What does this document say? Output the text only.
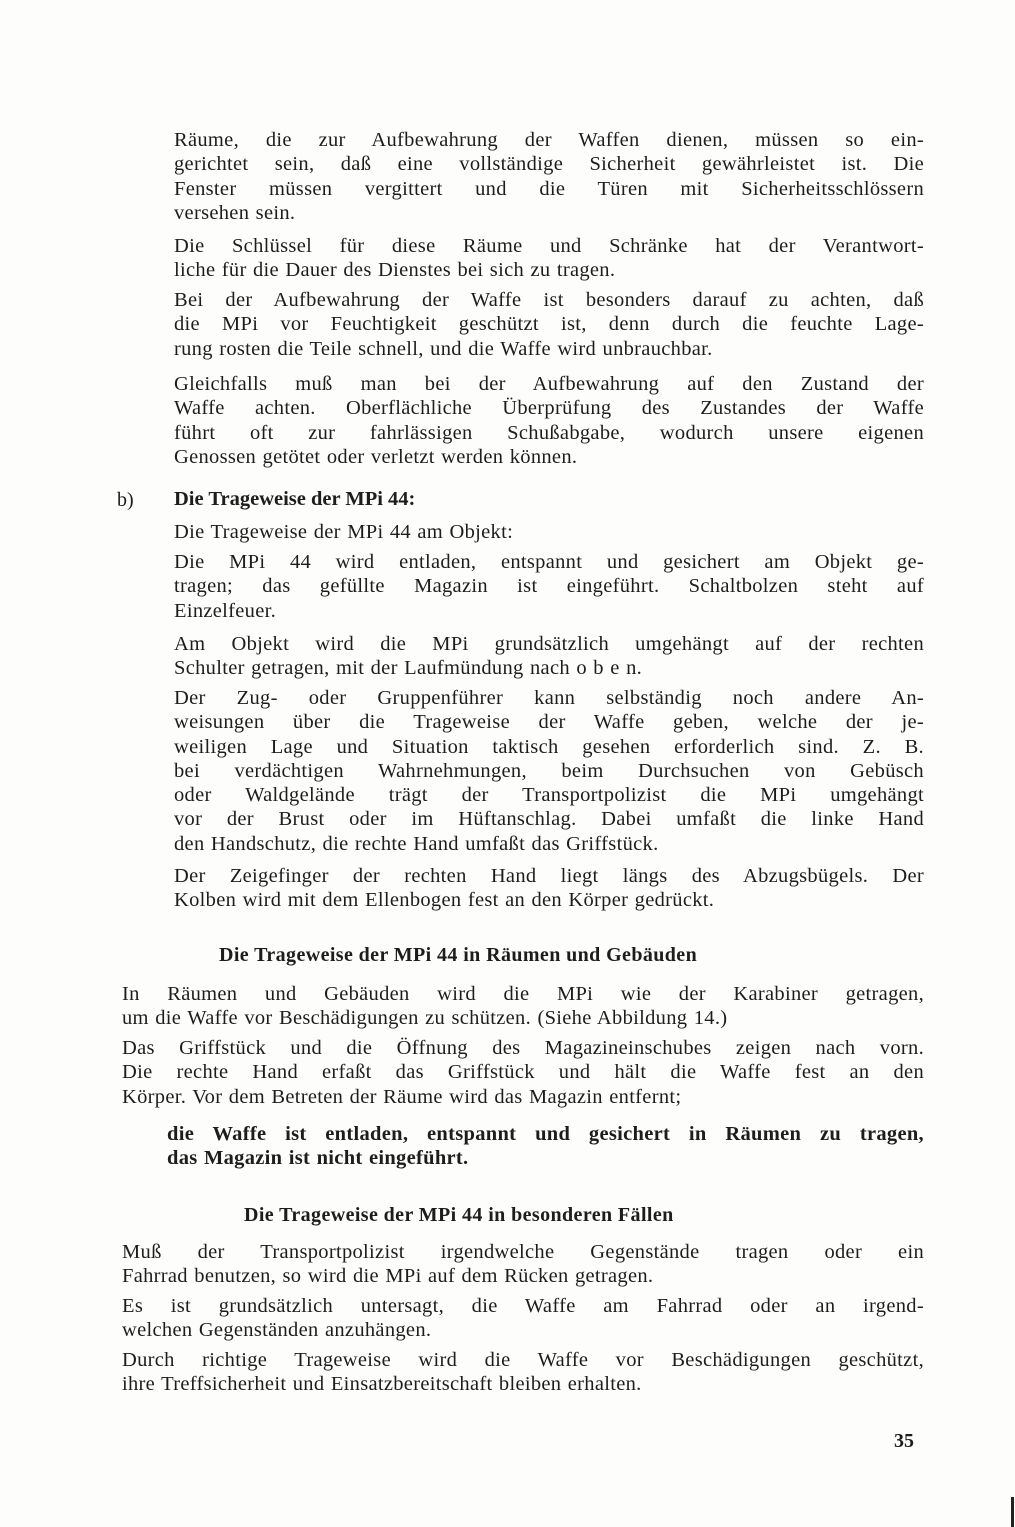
Räume, die zur Aufbewahrung der Waffen dienen, müssen so ein-
gerichtet sein, daß eine vollständige Sicherheit gewährleistet ist. Die
Fenster müssen vergittert und die Türen mit Sicherheitsschlössern
versehen sein.
Die Schlüssel für diese Räume und Schränke hat der Verantwort-
liche für die Dauer des Dienstes bei sich zu tragen.
Bei der Aufbewahrung der Waffe ist besonders darauf zu achten, daß
die MPi vor Feuchtigkeit geschützt ist, denn durch die feuchte Lage-
rung rosten die Teile schnell, und die Waffe wird unbrauchbar.
Gleichfalls muß man bei der Aufbewahrung auf den Zustand der
Waffe achten. Oberflächliche Überprüfung des Zustandes der Waffe
führt oft zur fahrlässigen Schußabgabe, wodurch unsere eigenen
Genossen getötet oder verletzt werden können.
b) Die Trageweise der MPi 44:
Die Trageweise der MPi 44 am Objekt:
Die MPi 44 wird entladen, entspannt und gesichert am Objekt ge-
tragen; das gefüllte Magazin ist eingeführt. Schaltbolzen steht auf
Einzelfeuer.
Am Objekt wird die MPi grundsätzlich umgehängt auf der rechten
Schulter getragen, mit der Laufmündung nach o b e n.
Der Zug- oder Gruppenführer kann selbständig noch andere An-
weisungen über die Trageweise der Waffe geben, welche der je-
weiligen Lage und Situation taktisch gesehen erforderlich sind. Z. B.
bei verdächtigen Wahrnehmungen, beim Durchsuchen von Gebüsch
oder Waldgelände trägt der Transportpolizist die MPi umgehängt
vor der Brust oder im Hüftanschlag. Dabei umfaßt die linke Hand
den Handschutz, die rechte Hand umfaßt das Griffstück.
Der Zeigefinger der rechten Hand liegt längs des Abzugsbügels. Der
Kolben wird mit dem Ellenbogen fest an den Körper gedrückt.
Die Trageweise der MPi 44 in Räumen und Gebäuden
In Räumen und Gebäuden wird die MPi wie der Karabiner getragen,
um die Waffe vor Beschädigungen zu schützen. (Siehe Abbildung 14.)
Das Griffstück und die Öffnung des Magazineinschubes zeigen nach vorn.
Die rechte Hand erfaßt das Griffstück und hält die Waffe fest an den
Körper. Vor dem Betreten der Räume wird das Magazin entfernt;
die Waffe ist entladen, entspannt und gesichert in Räumen zu tragen,
das Magazin ist nicht eingeführt.
Die Trageweise der MPi 44 in besonderen Fällen
Muß der Transportpolizist irgendwelche Gegenstände tragen oder ein
Fahrrad benutzen, so wird die MPi auf dem Rücken getragen.
Es ist grundsätzlich untersagt, die Waffe am Fahrrad oder an irgend-
welchen Gegenständen anzuhängen.
Durch richtige Trageweise wird die Waffe vor Beschädigungen geschützt,
ihre Treffsicherheit und Einsatzbereitschaft bleiben erhalten.
35
